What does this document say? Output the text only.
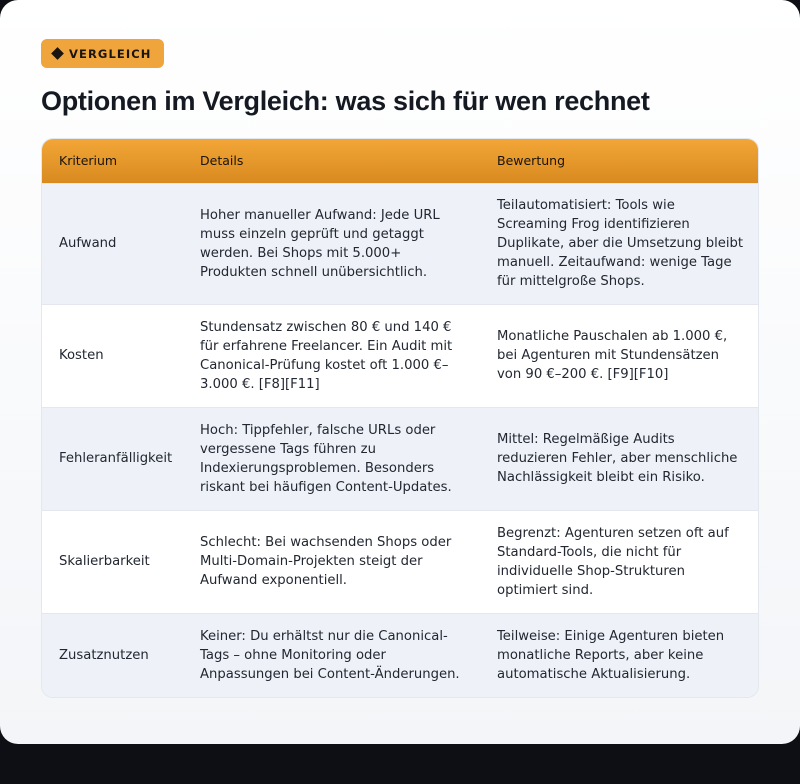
VERGLEICH
Optionen im Vergleich: was sich für wen rechnet
Kriterium	Details	Bewertung
Aufwand	Hoher manueller Aufwand: Jede URL muss einzeln geprüft und getaggt werden. Bei Shops mit 5.000+ Produkten schnell unübersichtlich.	Teilautomatisiert: Tools wie Screaming Frog identifizieren Duplikate, aber die Umsetzung bleibt manuell. Zeitaufwand: wenige Tage für mittelgroße Shops.
Kosten	Stundensatz zwischen 80 € und 140 € für erfahrene Freelancer. Ein Audit mit Canonical-Prüfung kostet oft 1.000 €–3.000 €. [F8][F11]	Monatliche Pauschalen ab 1.000 €, bei Agenturen mit Stundensätzen von 90 €–200 €. [F9][F10]
Fehleranfälligkeit	Hoch: Tippfehler, falsche URLs oder vergessene Tags führen zu Indexierungsproblemen. Besonders riskant bei häufigen Content-Updates.	Mittel: Regelmäßige Audits reduzieren Fehler, aber menschliche Nachlässigkeit bleibt ein Risiko.
Skalierbarkeit	Schlecht: Bei wachsenden Shops oder Multi-Domain-Projekten steigt der Aufwand exponentiell.	Begrenzt: Agenturen setzen oft auf Standard-Tools, die nicht für individuelle Shop-Strukturen optimiert sind.
Zusatznutzen	Keiner: Du erhältst nur die Canonical-Tags – ohne Monitoring oder Anpassungen bei Content-Änderungen.	Teilweise: Einige Agenturen bieten monatliche Reports, aber keine automatische Aktualisierung.
